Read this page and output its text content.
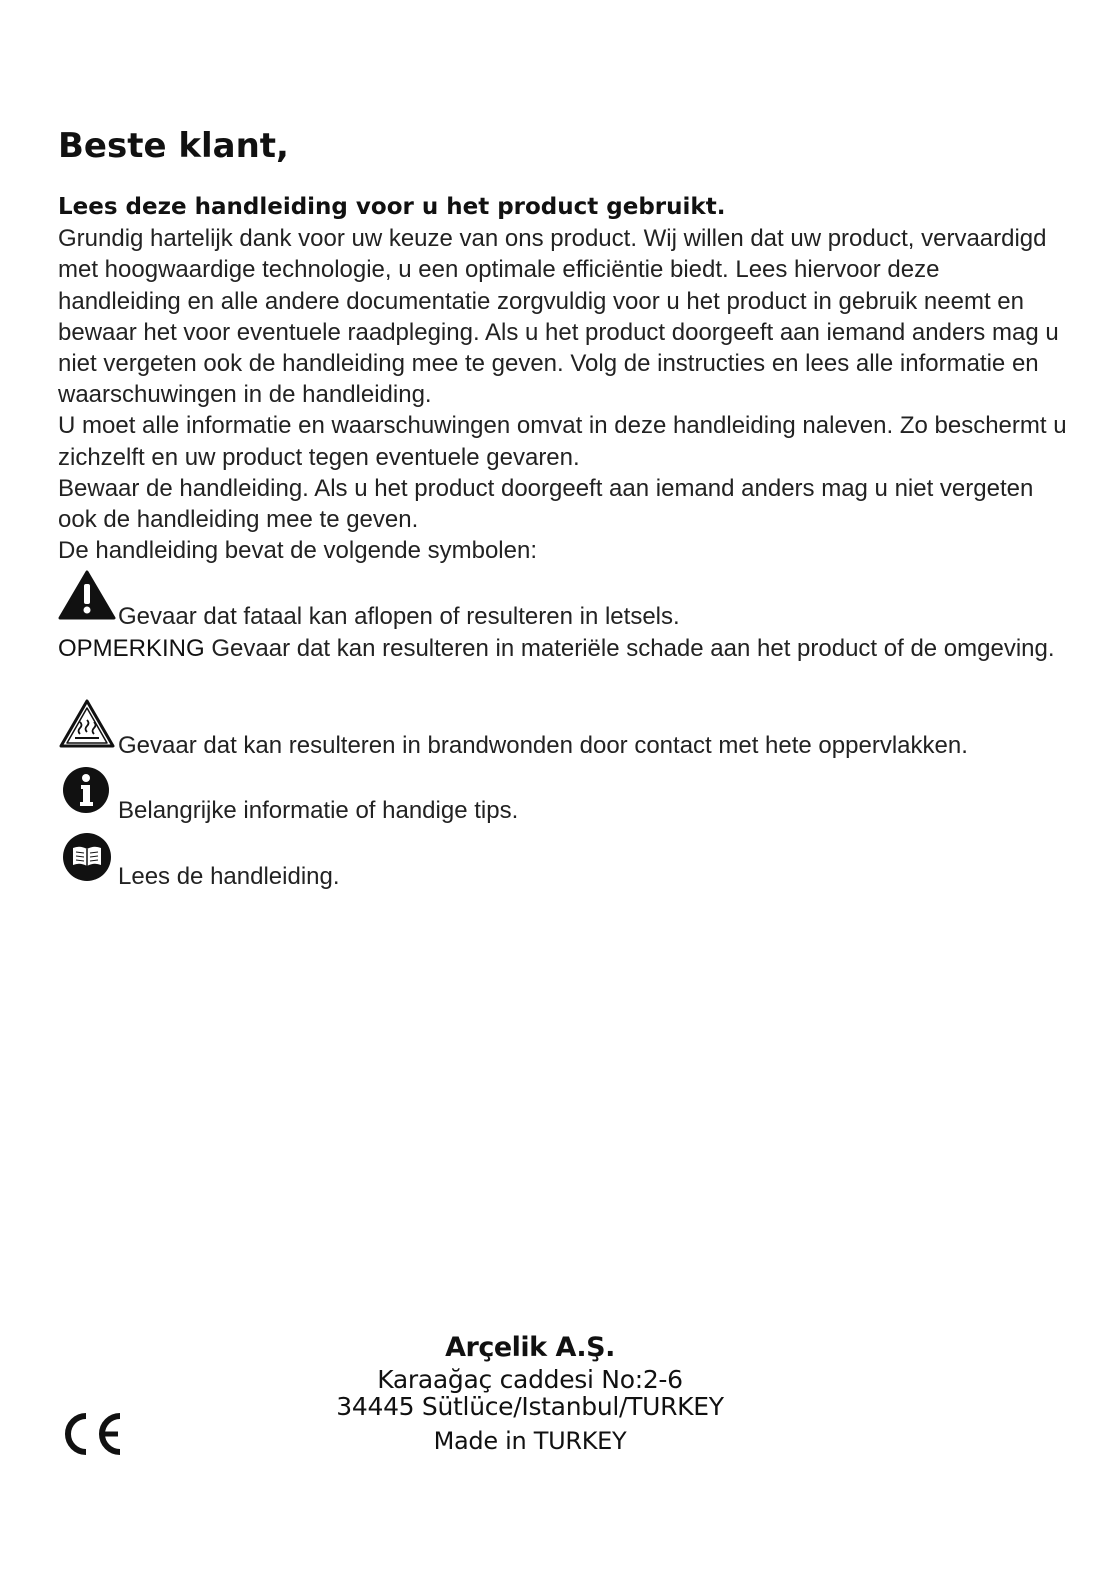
Beste klant,

Lees deze handleiding voor u het product gebruikt.

Grundig hartelijk dank voor uw keuze van ons product. Wij willen dat uw product, vervaardigd met hoogwaardige technologie, u een optimale efficiëntie biedt. Lees hiervoor deze handleiding en alle andere documentatie zorgvuldig voor u het product in gebruik neemt en bewaar het voor eventuele raadpleging. Als u het product doorgeeft aan iemand anders mag u niet vergeten ook de handleiding mee te geven. Volg de instructies en lees alle informatie en waarschuwingen in de handleiding.

U moet alle informatie en waarschuwingen omvat in deze handleiding naleven. Zo beschermt u zichzelft en uw product tegen eventuele gevaren.

Bewaar de handleiding. Als u het product doorgeeft aan iemand anders mag u niet vergeten ook de handleiding mee te geven.

De handleiding bevat de volgende symbolen:

Gevaar dat fataal kan aflopen of resulteren in letsels.
OPMERKING Gevaar dat kan resulteren in materiële schade aan het product of de omgeving.
Gevaar dat kan resulteren in brandwonden door contact met hete oppervlakken.
Belangrijke informatie of handige tips.
Lees de handleiding.
Arçelik A.Ş.
Karaağaç caddesi No:2-6
34445 Sütlüce/Istanbul/TURKEY
Made in TURKEY
